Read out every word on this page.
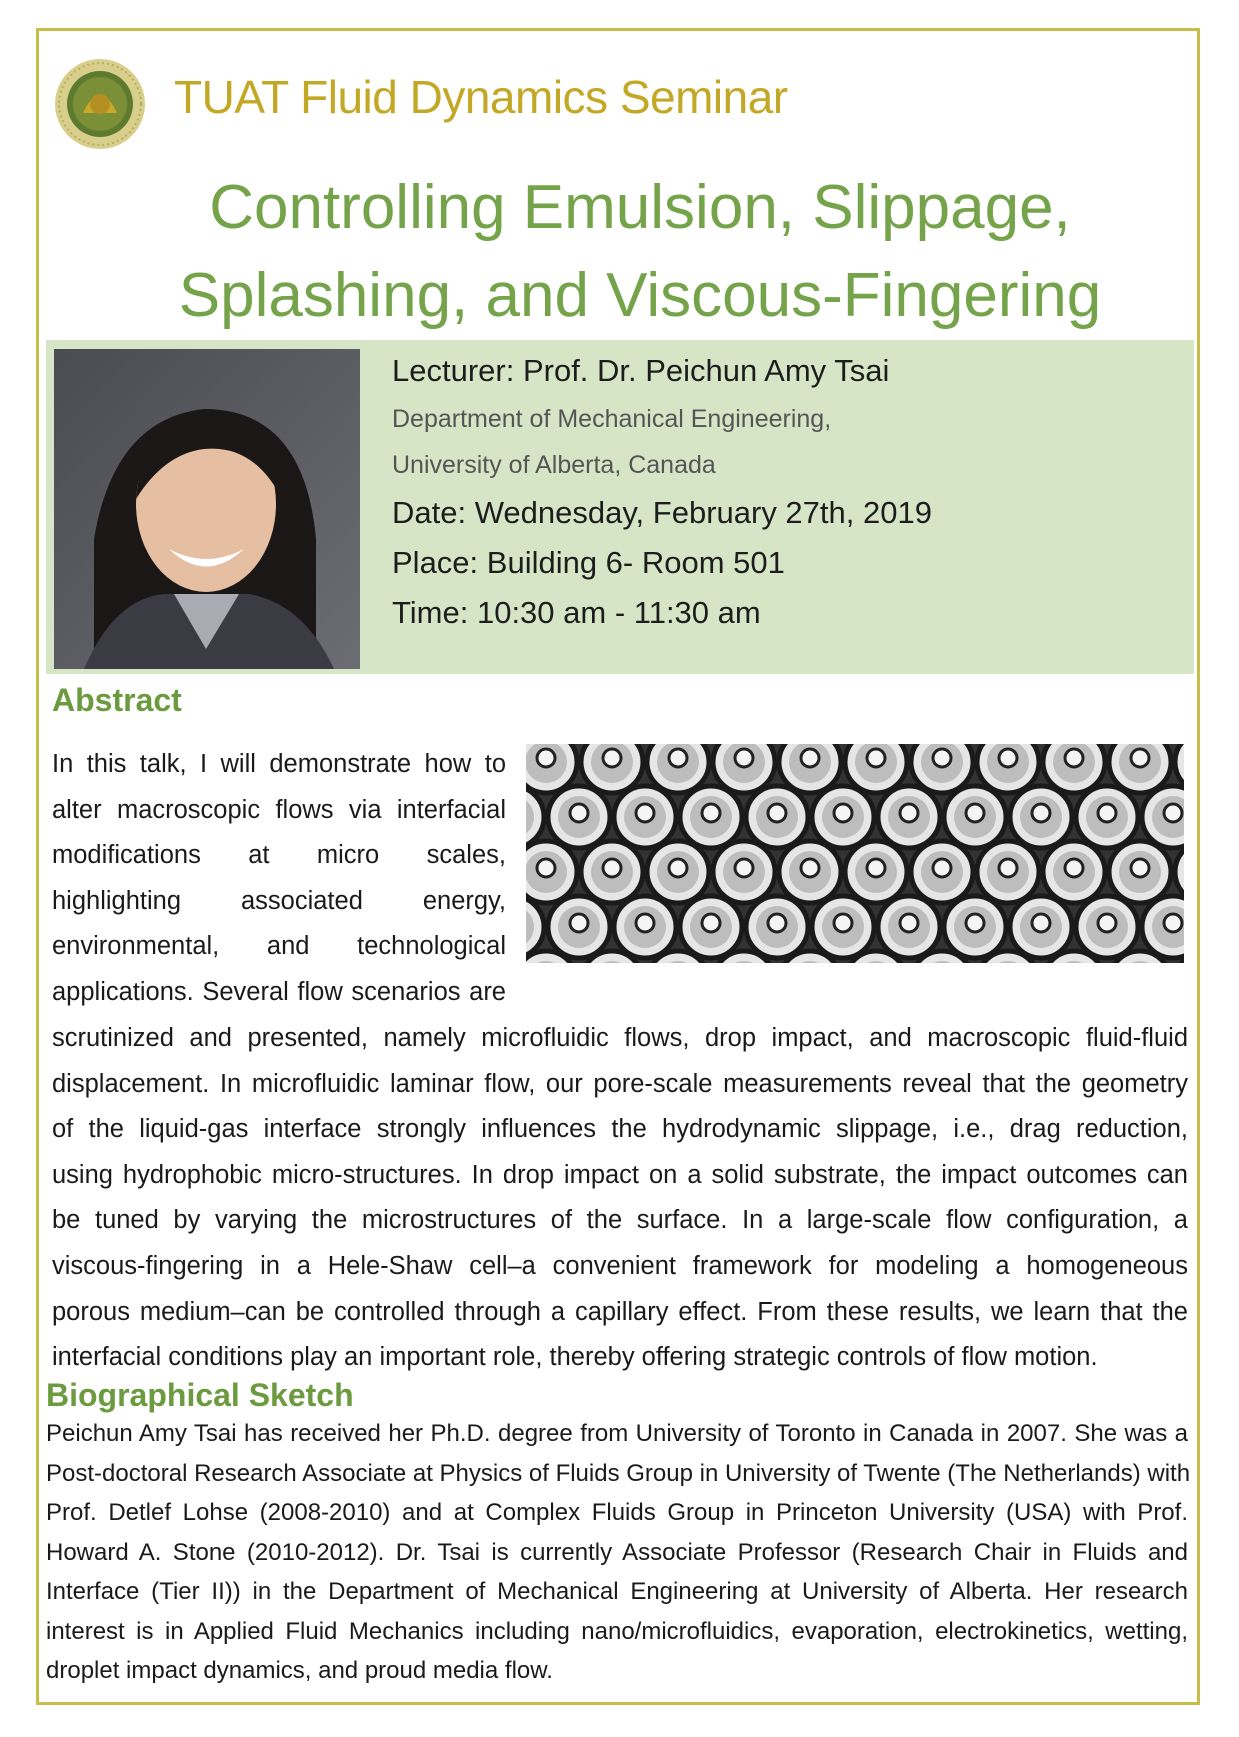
TUAT Fluid Dynamics Seminar
Controlling Emulsion, Slippage,
Splashing, and Viscous-Fingering
Lecturer: Prof. Dr. Peichun Amy Tsai
Department of Mechanical Engineering,
University of Alberta, Canada
Date: Wednesday, February 27th, 2019
Place: Building 6- Room 501
Time: 10:30 am - 11:30 am
Abstract
In this talk, I will demonstrate how to
alter macroscopic flows via interfacial
modifications at micro scales,
highlighting associated energy,
environmental, and technological
applications. Several flow scenarios are
scrutinized and presented, namely microfluidic flows, drop impact, and macroscopic fluid-fluid
displacement. In microfluidic laminar flow, our pore-scale measurements reveal that the geometry
of the liquid-gas interface strongly influences the hydrodynamic slippage, i.e., drag reduction,
using hydrophobic micro-structures. In drop impact on a solid substrate, the impact outcomes can
be tuned by varying the microstructures of the surface. In a large-scale flow configuration, a
viscous-fingering in a Hele-Shaw cell–a convenient framework for modeling a homogeneous
porous medium–can be controlled through a capillary effect. From these results, we learn that the
interfacial conditions play an important role, thereby offering strategic controls of flow motion.
Biographical Sketch
Peichun Amy Tsai has received her Ph.D. degree from University of Toronto in Canada in 2007. She was a
Post-doctoral Research Associate at Physics of Fluids Group in University of Twente (The Netherlands) with
Prof. Detlef Lohse (2008-2010) and at Complex Fluids Group in Princeton University (USA) with Prof.
Howard A. Stone (2010-2012). Dr. Tsai is currently Associate Professor (Research Chair in Fluids and
Interface (Tier II)) in the Department of Mechanical Engineering at University of Alberta. Her research
interest is in Applied Fluid Mechanics including nano/microfluidics, evaporation, electrokinetics, wetting,
droplet impact dynamics, and proud media flow.
